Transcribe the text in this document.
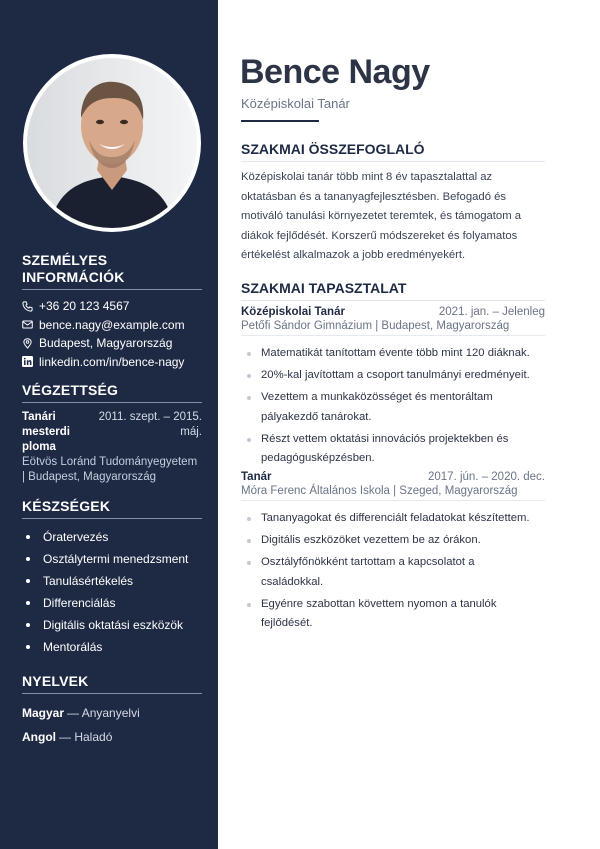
SZEMÉLYES
INFORMÁCIÓK
+36 20 123 4567
bence.nagy@example.com
Budapest, Magyarország
linkedin.com/in/bence-nagy
VÉGZETTSÉG
Tanári
mesterdi
ploma
2011. szept. – 2015. máj.
Eötvös Loránd Tudományegyetem
| Budapest, Magyarország
KÉSZSÉGEK
Óratervezés
Osztálytermi menedzsment
Tanulásértékelés
Differenciálás
Digitális oktatási eszközök
Mentorálás
NYELVEK
Magyar — Anyanyelvi
Angol — Haladó
Bence Nagy
Középiskolai Tanár
SZAKMAI ÖSSZEFOGLALÓ
Középiskolai tanár több mint 8 év tapasztalattal az
oktatásban és a tananyagfejlesztésben. Befogadó és
motiváló tanulási környezetet teremtek, és támogatom a
diákok fejlődését. Korszerű módszereket és folyamatos
értékelést alkalmazok a jobb eredményekért.
SZAKMAI TAPASZTALAT
Középiskolai Tanár	2021. jan. – Jelenleg
Petőfi Sándor Gimnázium | Budapest, Magyarország
Matematikát tanítottam évente több mint 120 diáknak.
20%-kal javítottam a csoport tanulmányi eredményeit.
Vezettem a munkaközösséget és mentoráltam
pályakezdő tanárokat.
Részt vettem oktatási innovációs projektekben és
pedagógusképzésben.
Tanár	2017. jún. – 2020. dec.
Móra Ferenc Általános Iskola | Szeged, Magyarország
Tananyagokat és differenciált feladatokat készítettem.
Digitális eszközöket vezettem be az órákon.
Osztályfőnökként tartottam a kapcsolatot a
családokkal.
Egyénre szabottan követtem nyomon a tanulók
fejlődését.
